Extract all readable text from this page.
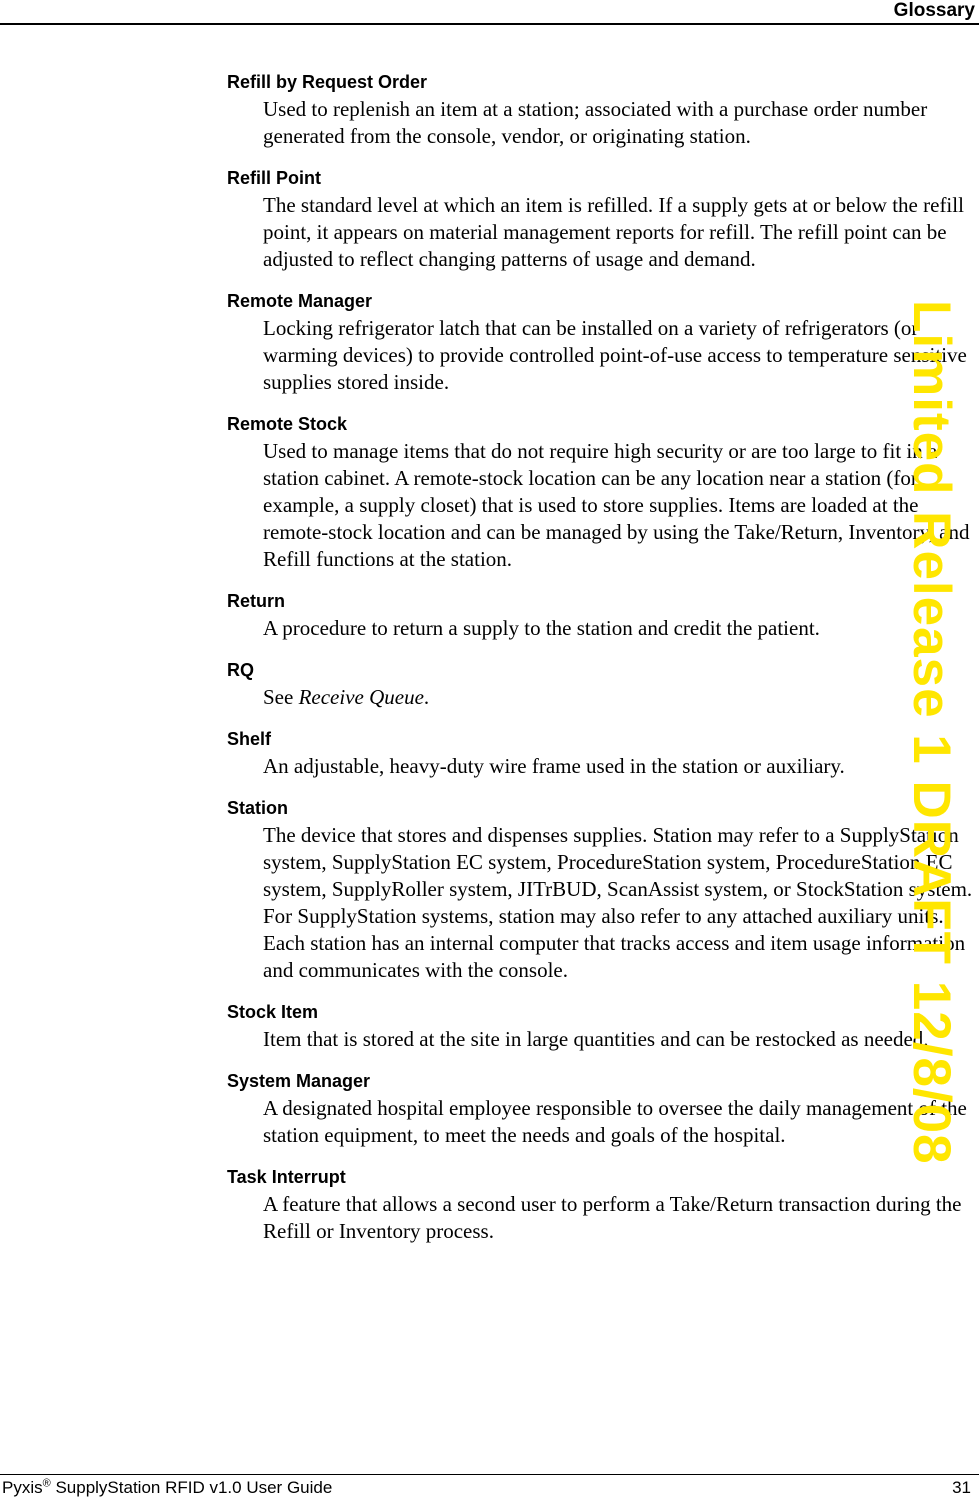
Glossary
Refill by Request Order
Used to replenish an item at a station; associated with a purchase order number generated from the console, vendor, or originating station.
Refill Point
The standard level at which an item is refilled. If a supply gets at or below the refill point, it appears on material management reports for refill. The refill point can be adjusted to reflect changing patterns of usage and demand.
Remote Manager
Locking refrigerator latch that can be installed on a variety of refrigerators (or warming devices) to provide controlled point-of-use access to temperature sensitive supplies stored inside.
Remote Stock
Used to manage items that do not require high security or are too large to fit in a station cabinet. A remote-stock location can be any location near a station (for example, a supply closet) that is used to store supplies. Items are loaded at the remote-stock location and can be managed by using the Take/Return, Inventory, and Refill functions at the station.
Return
A procedure to return a supply to the station and credit the patient.
RQ
See Receive Queue.
Shelf
An adjustable, heavy-duty wire frame used in the station or auxiliary.
Station
The device that stores and dispenses supplies. Station may refer to a SupplyStation system, SupplyStation EC system, ProcedureStation system, ProcedureStation EC system, SupplyRoller system, JITrBUD, ScanAssist system, or StockStation system. For SupplyStation systems, station may also refer to any attached auxiliary units. Each station has an internal computer that tracks access and item usage information and communicates with the console.
Stock Item
Item that is stored at the site in large quantities and can be restocked as needed.
System Manager
A designated hospital employee responsible to oversee the daily management of the station equipment, to meet the needs and goals of the hospital.
Task Interrupt
A feature that allows a second user to perform a Take/Return transaction during the Refill or Inventory process.
Limited Release 1 DRAFT 12/8/08
Pyxis® SupplyStation RFID v1.0 User Guide	31
